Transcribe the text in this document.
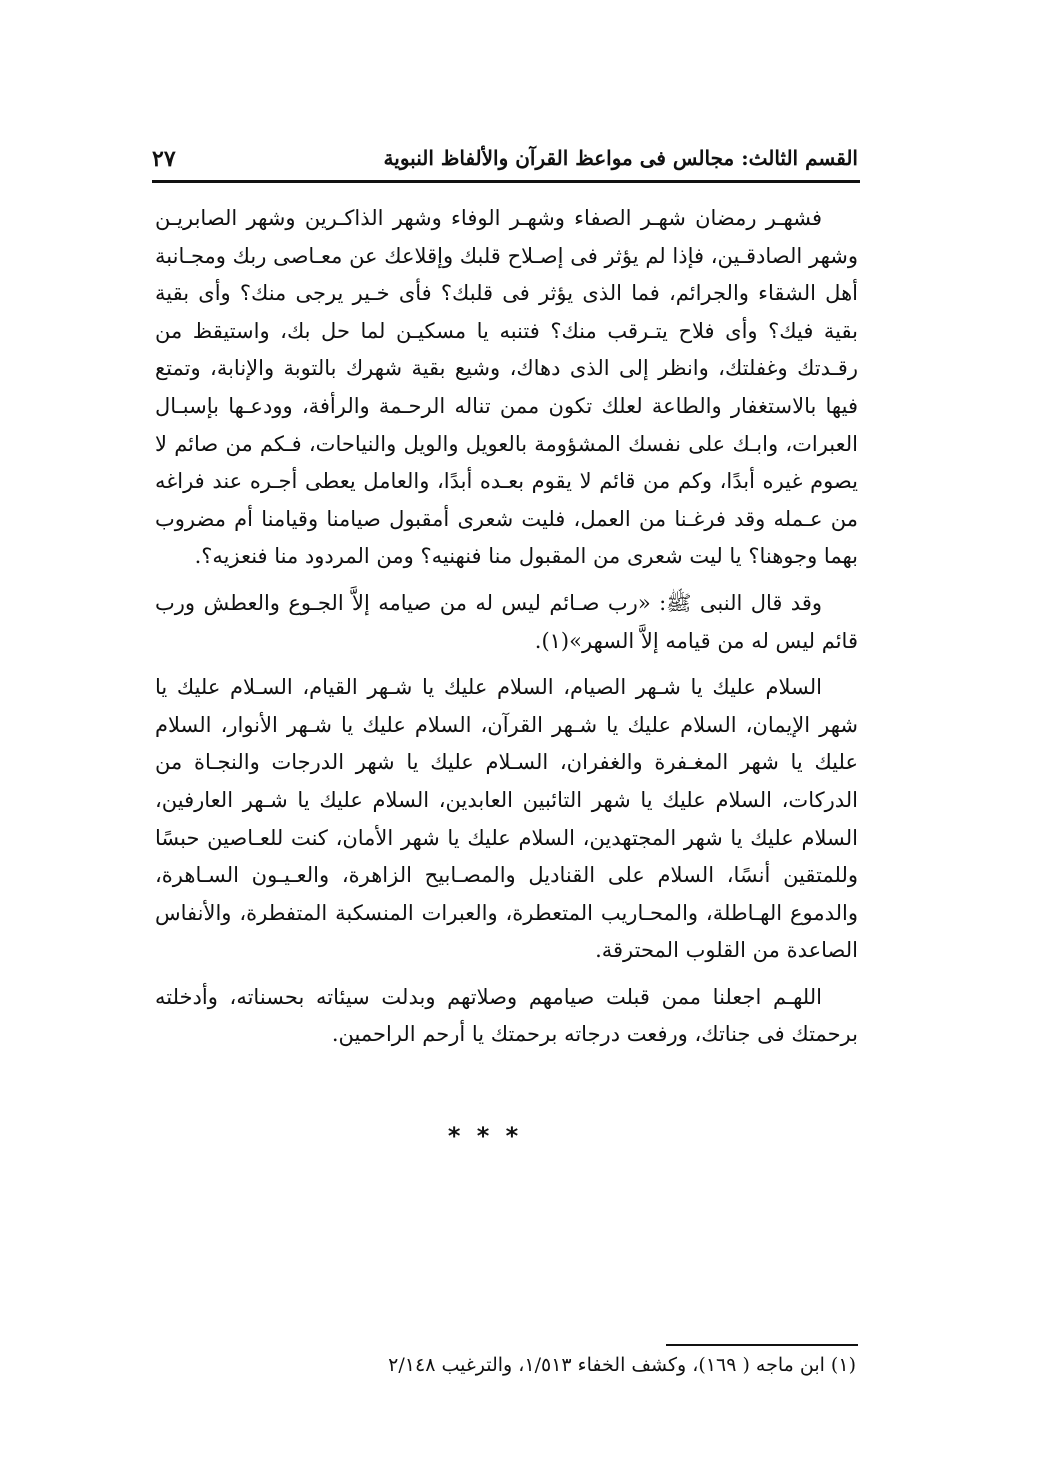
القسم الثالث: مجالس فى مواعظ القرآن والألفاظ النبوية
٢٧

فشهـر رمضان شهـر الصفاء وشهـر الوفاء وشهر الذاكـرين وشهر الصابريـن وشهر الصادقـين، فإذا لم يؤثر فى إصـلاح قلبك وإقلاعك عن معـاصى ربك ومجـانبة أهل الشقاء والجرائم، فما الذى يؤثر فى قلبك؟ فأى خـير يرجى منك؟ وأى بقية بقية فيك؟ وأى فلاح يتـرقب منك؟ فتنبه يا مسكيـن لما حل بك، واستيقظ من رقـدتك وغفلتك، وانظر إلى الذى دهاك، وشيع بقية شهرك بالتوبة والإنابة، وتمتع فيها بالاستغفار والطاعة لعلك تكون ممن تناله الرحـمة والرأفة، وودعـها بإسبـال العبرات، وابـك على نفسك المشؤومة بالعويل والويل والنياحات، فـكم من صائم لا يصوم غيره أبدًا، وكم من قائم لا يقوم بعـده أبدًا، والعامل يعطى أجـره عند فراغه من عـمله وقد فرغـنا من العمل، فليت شعرى أمقبول صيامنا وقيامنا أم مضروب بهما وجوهنا؟ يا ليت شعرى من المقبول منا فنهنيه؟ ومن المردود منا فنعزيه؟.

وقد قال النبى ﷺ: «رب صـائم ليس له من صيامه إلاَّ الجـوع والعطش ورب قائم ليس له من قيامه إلاَّ السهر»(١).

السلام عليك يا شـهر الصيام، السلام عليك يا شـهر القيام، السـلام عليك يا شهر الإيمان، السلام عليك يا شـهر القرآن، السلام عليك يا شـهر الأنوار، السلام عليك يا شهر المغـفرة والغفران، السـلام عليك يا شهر الدرجات والنجـاة من الدركات، السلام عليك يا شهر التائبين العابدين، السلام عليك يا شـهر العارفين، السلام عليك يا شهر المجتهدين، السلام عليك يا شهر الأمان، كنت للعـاصين حبسًا وللمتقين أنسًا، السلام على القناديل والمصـابيح الزاهرة، والعـيـون السـاهرة، والدموع الهـاطلة، والمحـاريب المتعطرة، والعبرات المنسكبة المتفطرة، والأنفاس الصاعدة من القلوب المحترقة.

اللهـم اجعلنا ممن قبلت صيامهم وصلاتهم وبدلت سيئاته بحسناته، وأدخلته برحمتك فى جناتك، ورفعت درجاته برحمتك يا أرحم الراحمين.

* * *
(١) ابن ماجه ( ١٦٩)، وكشف الخفاء ١/٥١٣، والترغيب ٢/١٤٨
